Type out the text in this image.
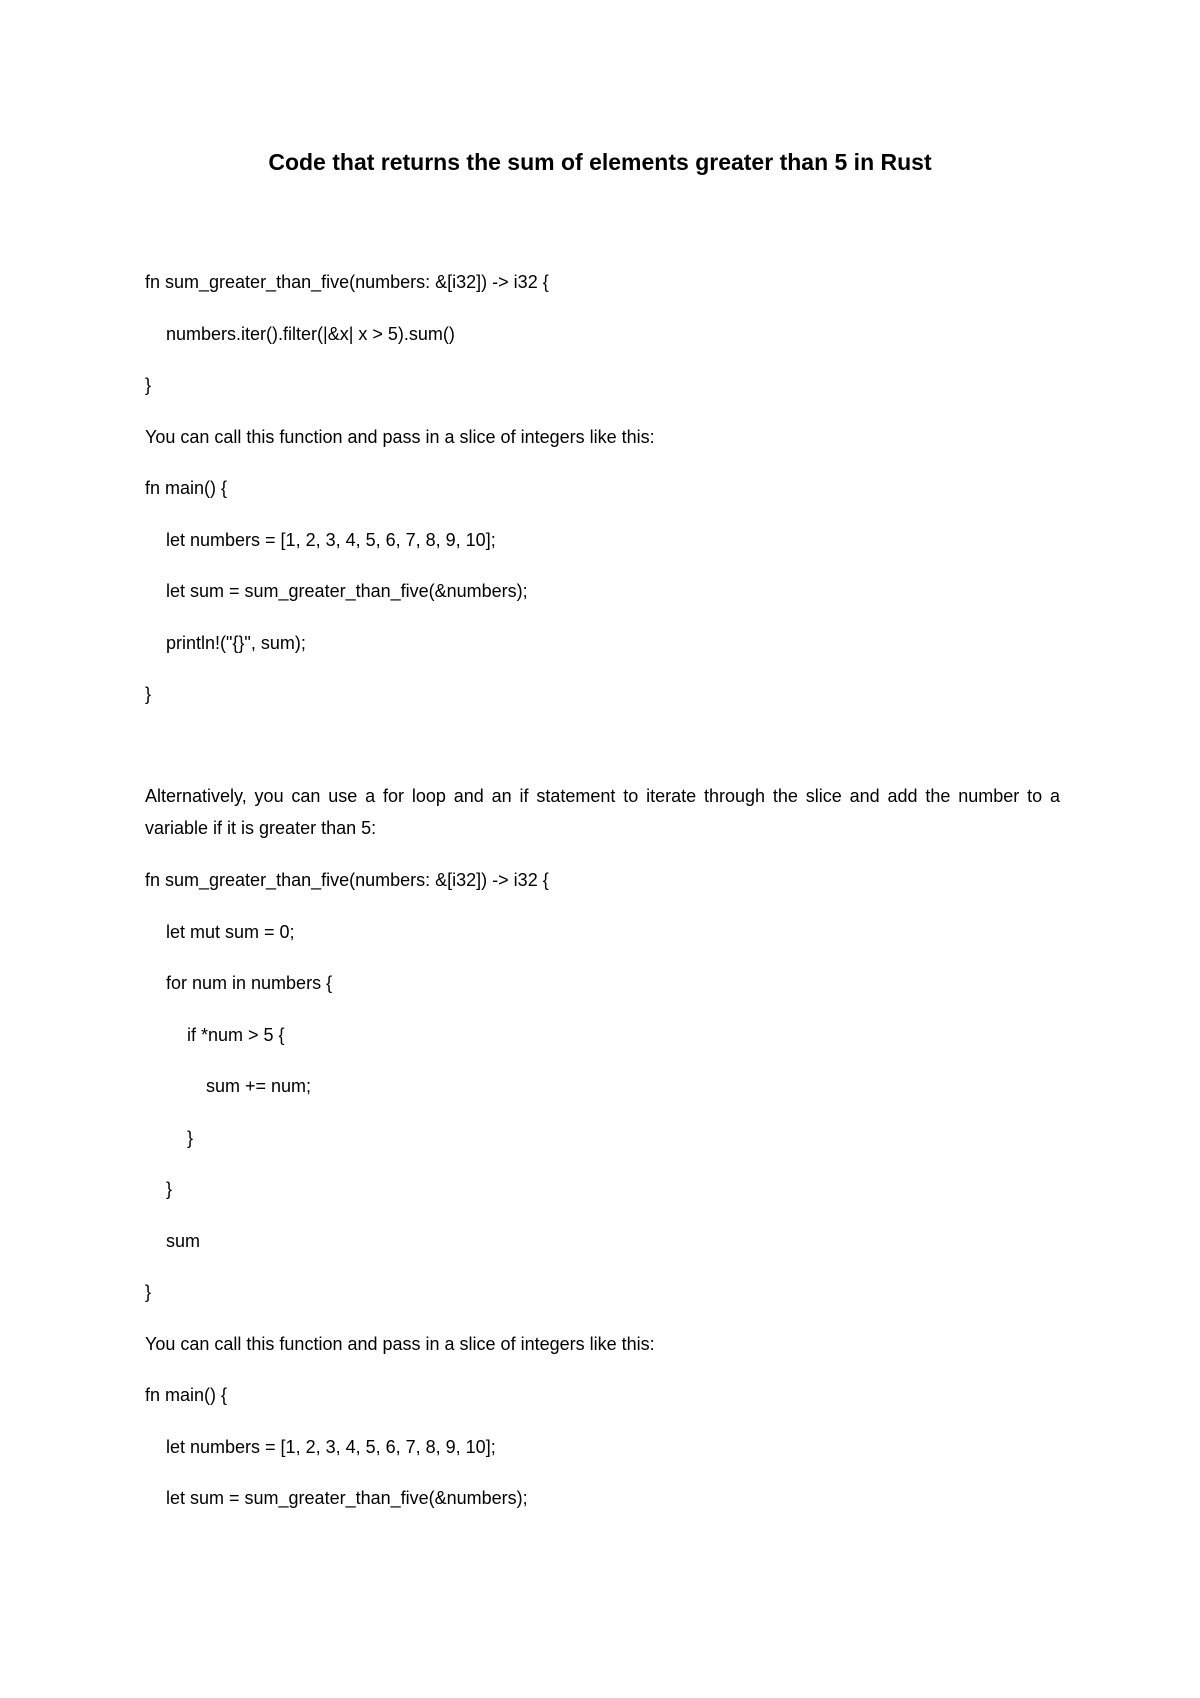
Code that returns the sum of elements greater than 5 in Rust
fn sum_greater_than_five(numbers: &[i32]) -> i32 {
numbers.iter().filter(|&x| x > 5).sum()
}
You can call this function and pass in a slice of integers like this:
fn main() {
let numbers = [1, 2, 3, 4, 5, 6, 7, 8, 9, 10];
let sum = sum_greater_than_five(&numbers);
println!("{}", sum);
}
Alternatively, you can use a for loop and an if statement to iterate through the slice and add the number to a variable if it is greater than 5:
fn sum_greater_than_five(numbers: &[i32]) -> i32 {
let mut sum = 0;
for num in numbers {
if *num > 5 {
sum += num;
}
}
sum
}
You can call this function and pass in a slice of integers like this:
fn main() {
let numbers = [1, 2, 3, 4, 5, 6, 7, 8, 9, 10];
let sum = sum_greater_than_five(&numbers);
